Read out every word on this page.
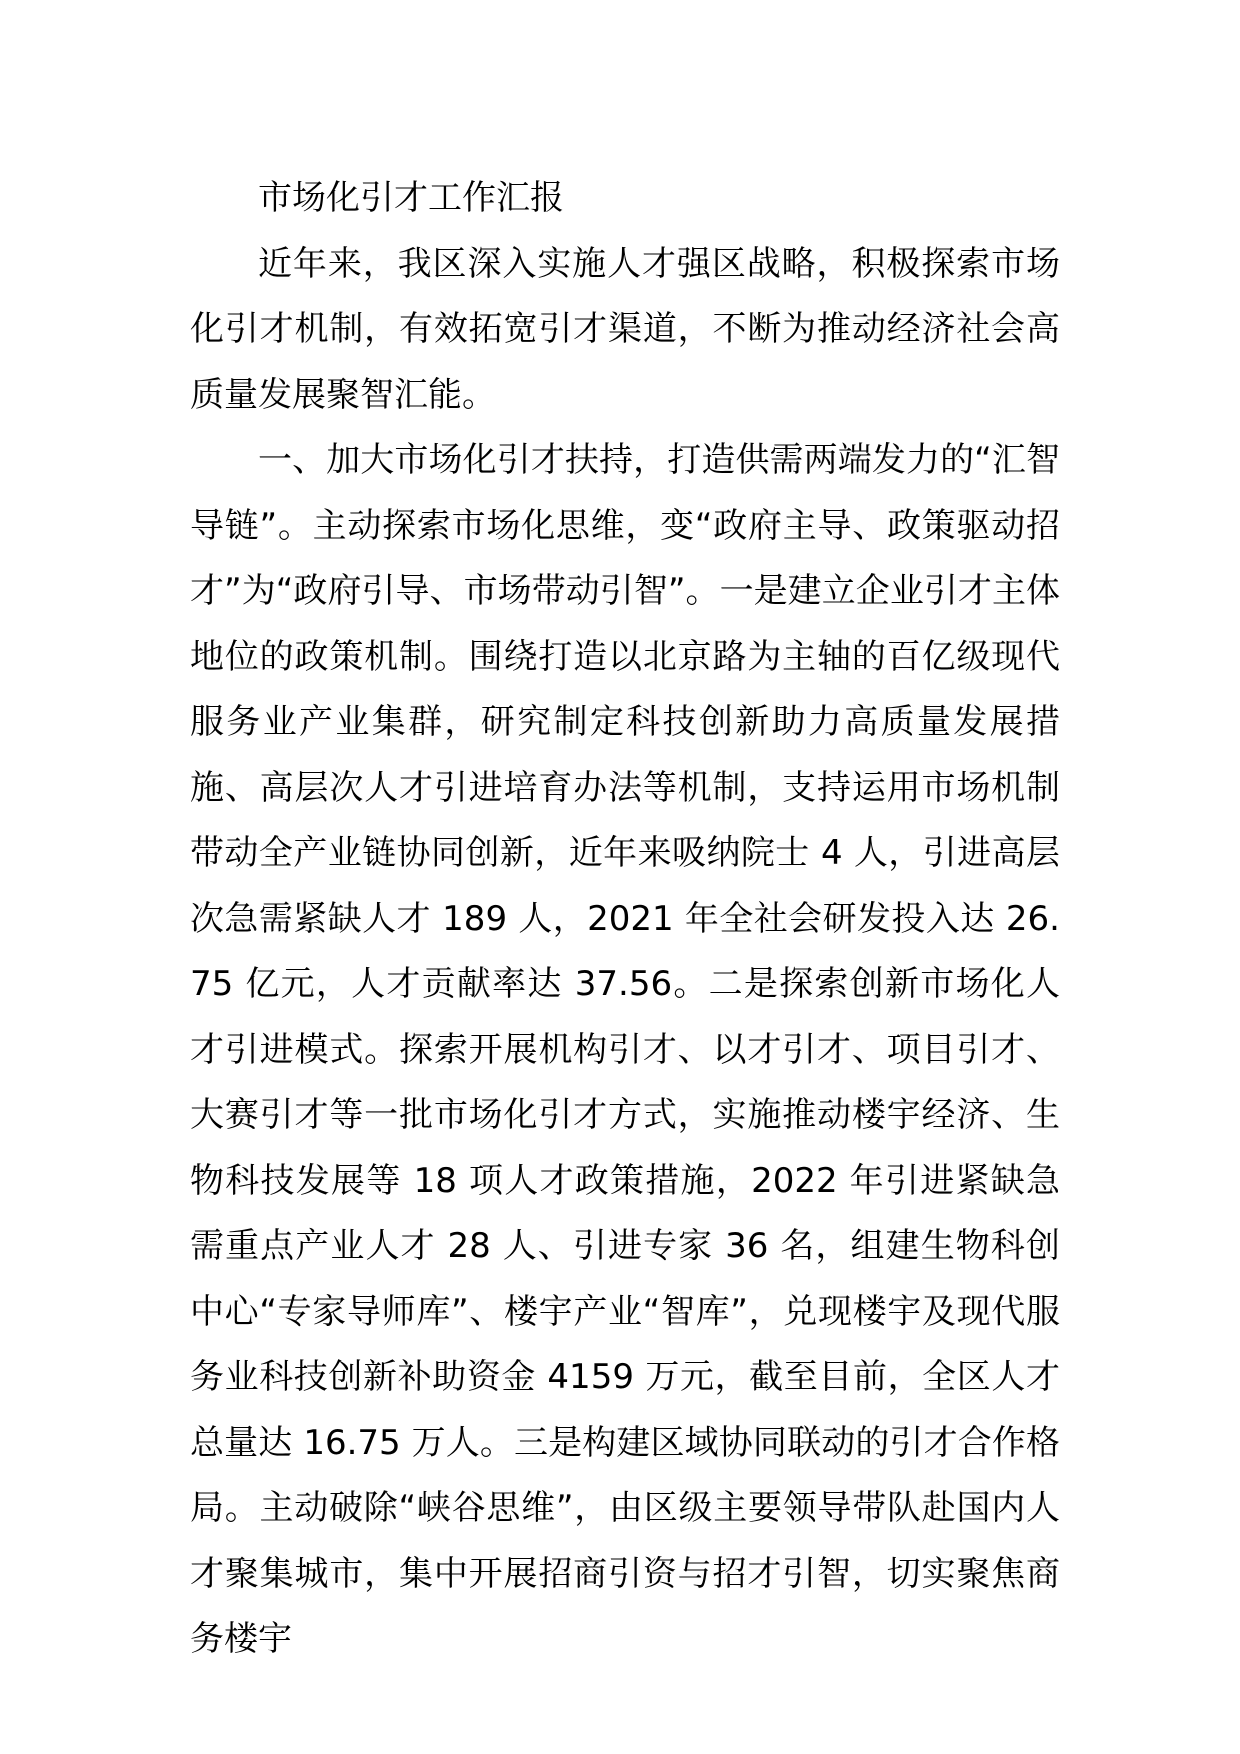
市场化引才工作汇报

近年来，我区深入实施人才强区战略，积极探索市场化引才机制，有效拓宽引才渠道，不断为推动经济社会高质量发展聚智汇能。

一、加大市场化引才扶持，打造供需两端发力的“汇智导链”。主动探索市场化思维，变“政府主导、政策驱动招才”为“政府引导、市场带动引智”。一是建立企业引才主体地位的政策机制。围绕打造以北京路为主轴的百亿级现代服务业产业集群，研究制定科技创新助力高质量发展措施、高层次人才引进培育办法等机制，支持运用市场机制带动全产业链协同创新，近年来吸纳院士 4 人，引进高层次急需紧缺人才 189 人，2021 年全社会研发投入达 26.75 亿元，人才贡献率达 37.56。二是探索创新市场化人才引进模式。探索开展机构引才、以才引才、项目引才、大赛引才等一批市场化引才方式，实施推动楼宇经济、生物科技发展等 18 项人才政策措施，2022 年引进紧缺急需重点产业人才 28 人、引进专家 36 名，组建生物科创中心“专家导师库”、楼宇产业“智库”，兑现楼宇及现代服务业科技创新补助资金 4159 万元，截至目前，全区人才总量达 16.75 万人。三是构建区域协同联动的引才合作格局。主动破除“峡谷思维”，由区级主要领导带队赴国内人才聚集城市，集中开展招商引资与招才引智，切实聚焦商务楼宇
